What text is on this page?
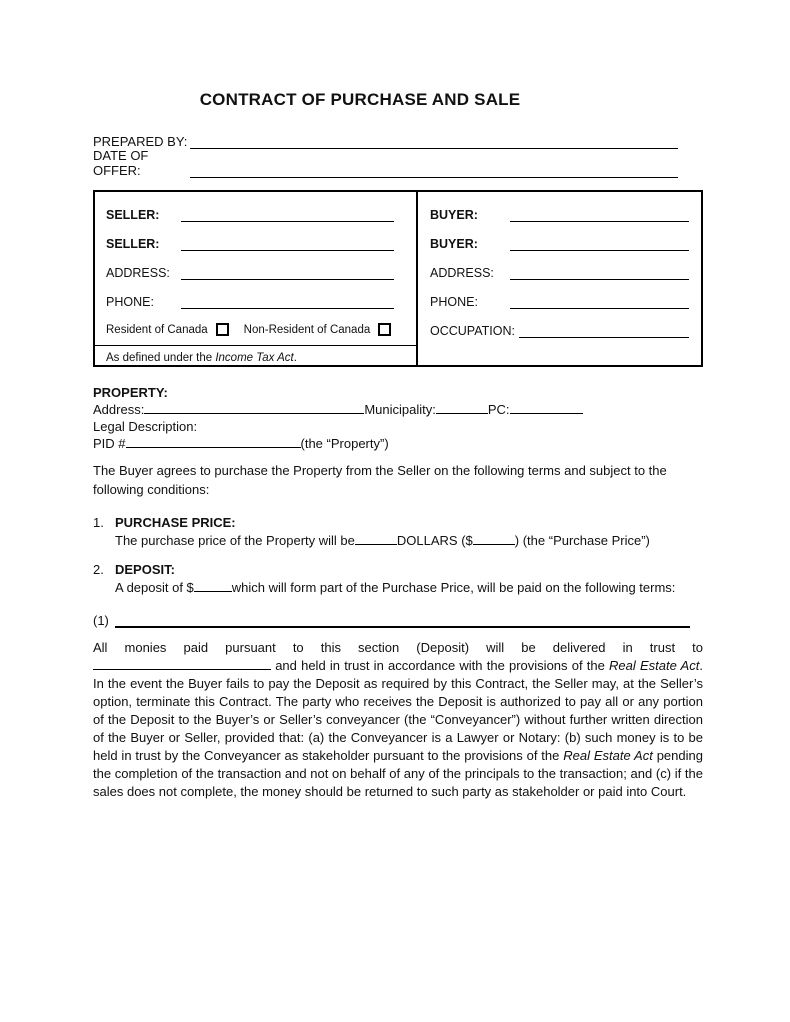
CONTRACT OF PURCHASE AND SALE
PREPARED BY:
DATE OF OFFER:
SELLER:
SELLER:
ADDRESS:
PHONE:
Resident of Canada	Non-Resident of Canada
As defined under the Income Tax Act.
BUYER:
BUYER:
ADDRESS:
PHONE:
OCCUPATION:
PROPERTY:
Address:	Municipality:	PC:
Legal Description:
PID #	(the “Property”)
The Buyer agrees to purchase the Property from the Seller on the following terms and subject to the following conditions:
1. PURCHASE PRICE:
The purchase price of the Property will be	DOLLARS ($	) (the “Purchase Price”)
2. DEPOSIT:
A deposit of $	which will form part of the Purchase Price, will be paid on the following terms:
(1)
All monies paid pursuant to this section (Deposit) will be delivered in trust to  and held in trust in accordance with the provisions of the Real Estate Act. In the event the Buyer fails to pay the Deposit as required by this Contract, the Seller may, at the Seller’s option, terminate this Contract. The party who receives the Deposit is authorized to pay all or any portion of the Deposit to the Buyer’s or Seller’s conveyancer (the “Conveyancer”) without further written direction of the Buyer or Seller, provided that: (a) the Conveyancer is a Lawyer or Notary: (b) such money is to be held in trust by the Conveyancer as stakeholder pursuant to the provisions of the Real Estate Act pending the completion of the transaction and not on behalf of any of the principals to the transaction; and (c) if the sales does not complete, the money should be returned to such party as stakeholder or paid into Court.
